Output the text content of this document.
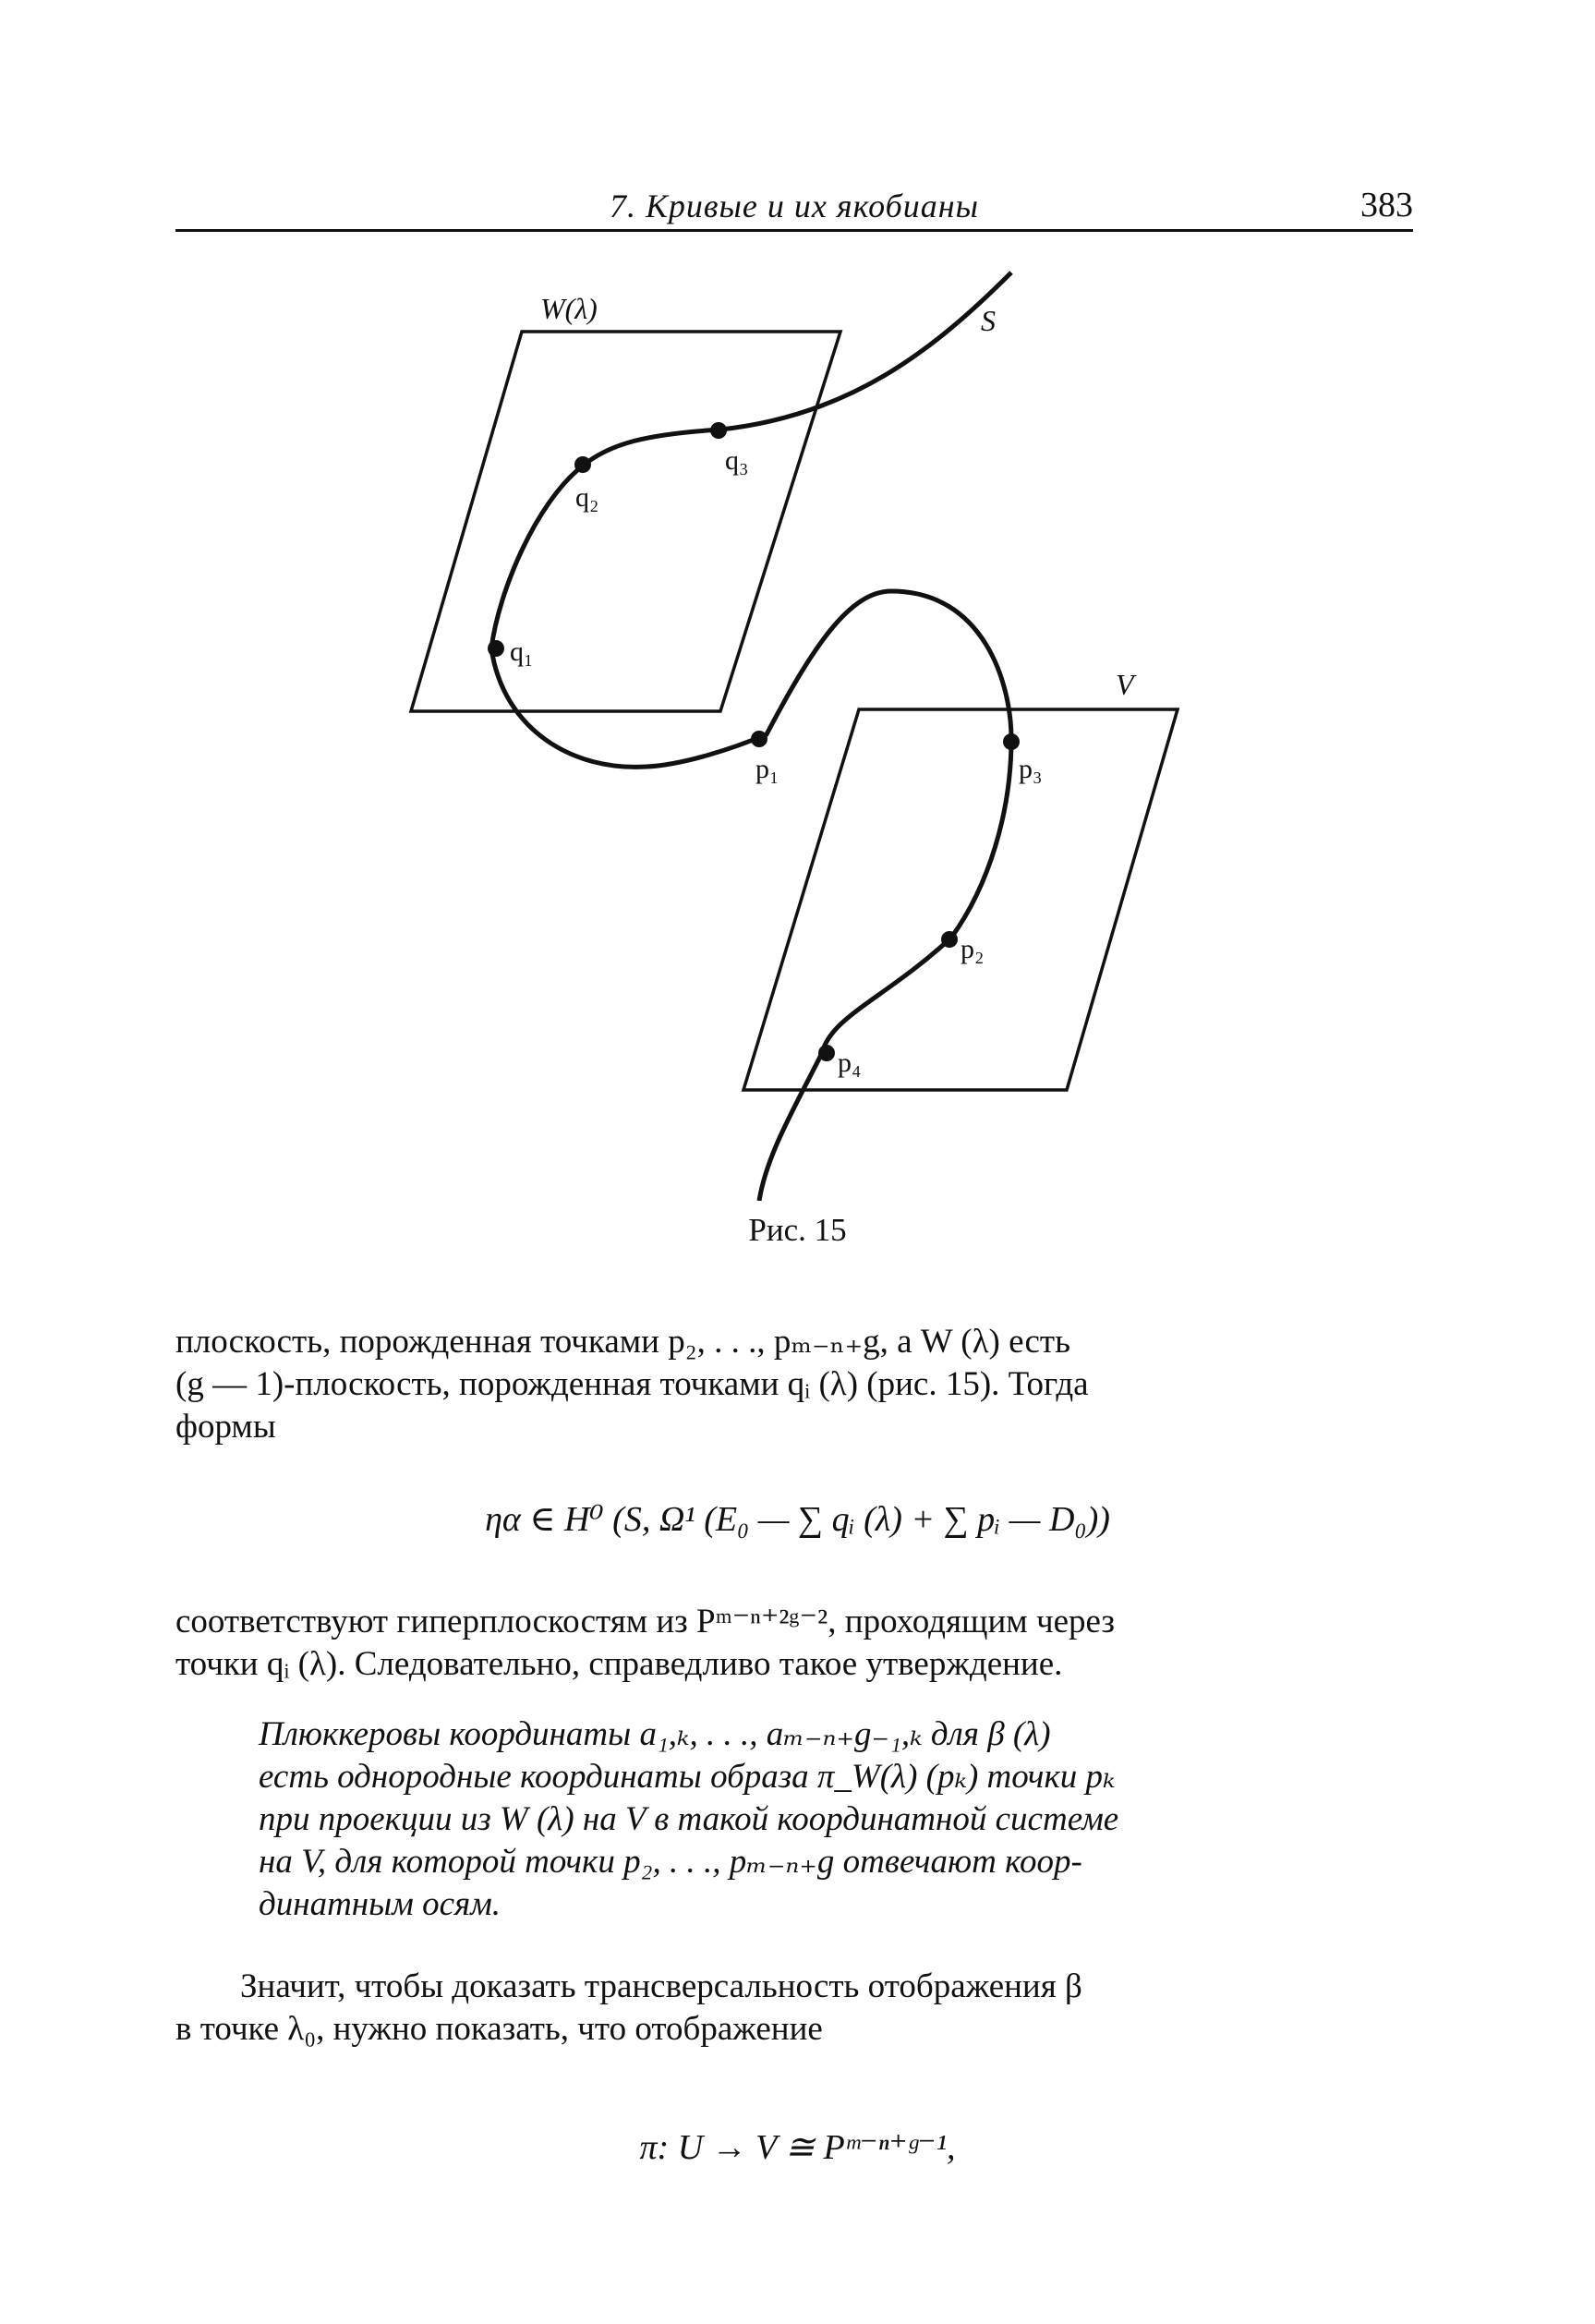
7. Кривые и их якобианы	383
W(λ)	S
V
q₁
q₂
q₃
p₁	p₃
p₂
p₄
Рис. 15
плоскость, порожденная точками p₂, . . ., pₘ₋ₙ₊g, а W (λ) есть
(g — 1)-плоскость, порожденная точками qᵢ (λ) (рис. 15). Тогда
формы
ηα ∈ H⁰ (S, Ω¹ (E₀ — ∑ qᵢ (λ) + ∑ pᵢ — D₀))
соответствуют гиперплоскостям из Pᵐ⁻ⁿ⁺²ᵍ⁻², проходящим через
точки qᵢ (λ). Следовательно, справедливо такое утверждение.
Плюккеровы координаты a₁,ₖ, . . ., aₘ₋ₙ₊g₋₁,ₖ для β (λ)
есть однородные координаты образа π_W(λ) (pₖ) точки pₖ
при проекции из W (λ) на V в такой координатной системе
на V, для которой точки p₂, . . ., pₘ₋ₙ₊g отвечают коор-
динатным осям.
Значит, чтобы доказать трансверсальность отображения β
в точке λ₀, нужно показать, что отображение
π: U → V ≅ Pᵐ⁻ⁿ⁺ᵍ⁻¹,
